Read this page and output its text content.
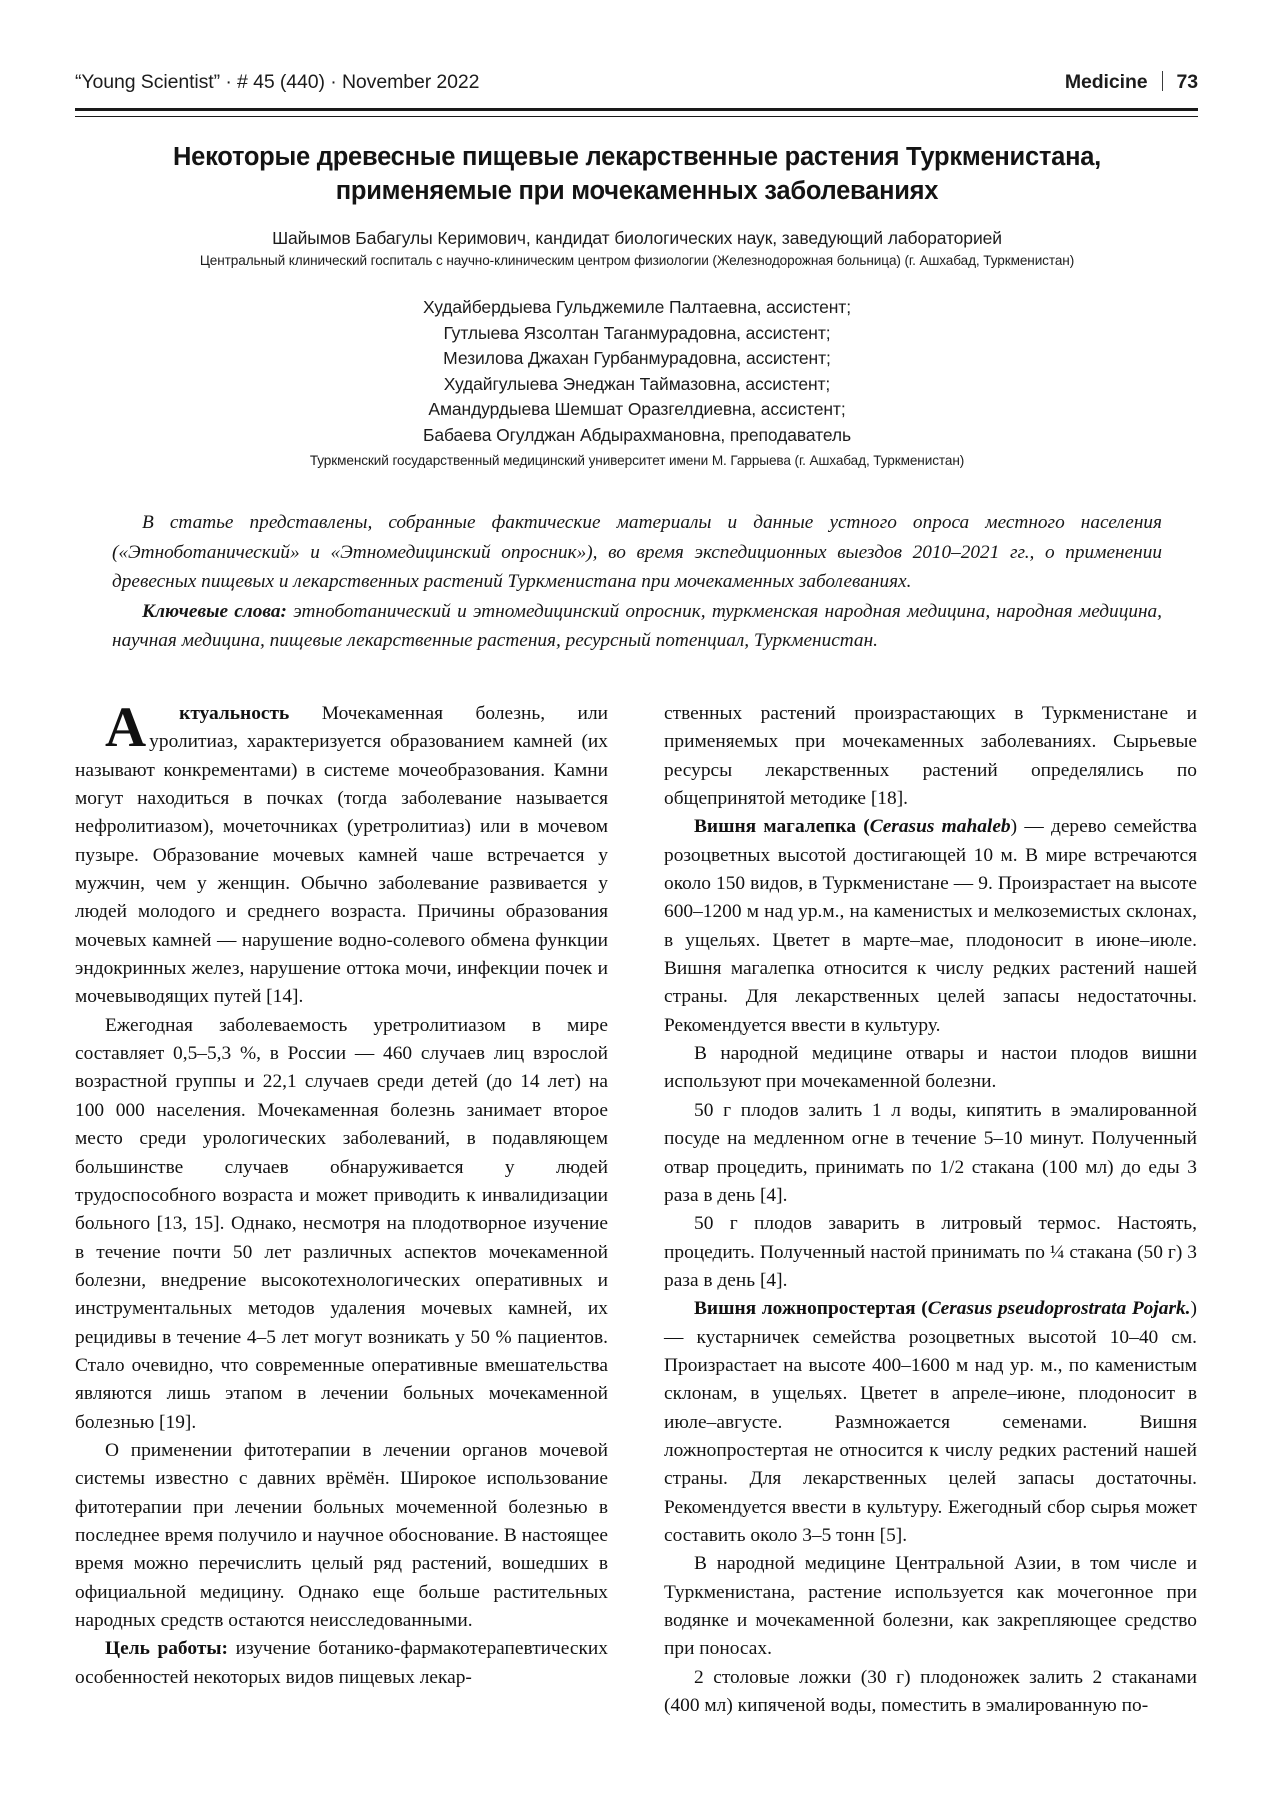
“Young Scientist” · # 45 (440) · November 2022	Medicine 73
Некоторые древесные пищевые лекарственные растения Туркменистана,
применяемые при мочекаменных заболеваниях
Шайымов Бабагулы Керимович, кандидат биологических наук, заведующий лабораторией
Центральный клинический госпиталь с научно-клиническим центром физиологии (Железнодорожная больница) (г. Ашхабад, Туркменистан)
Худайбердыева Гульджемиле Палтаевна, ассистент;
Гутлыева Язсолтан Таганмурадовна, ассистент;
Мезилова Джахан Гурбанмурадовна, ассистент;
Худайгулыева Энеджан Таймазовна, ассистент;
Амандурдыева Шемшат Оразгелдиевна, ассистент;
Бабаева Огулджан Абдырахмановна, преподаватель
Туркменский государственный медицинский университет имени М. Гаррыева (г. Ашхабад, Туркменистан)

В статье представлены, собранные фактические материалы и данные устного опроса местного населения («Этноботанический» и «Этномедицинский опросник»), во время экспедиционных выездов 2010–2021 гг., о применении древесных пищевых и лекарственных растений Туркменистана при мочекаменных заболеваниях.

Ключевые слова: этноботанический и этномедицинский опросник, туркменская народная медицина, народная медицина, научная медицина, пищевые лекарственные растения, ресурсный потенциал, Туркменистан.

А ктуальность Мочекаменная болезнь, или уролитиаз, характеризуется образованием камней (их называют конкрементами) в системе мочеобразования. Камни могут находиться в почках (тогда заболевание называется нефролитиазом), мочеточниках (уретролитиаз) или в мочевом пузыре. Образование мочевых камней чаше встречается у мужчин, чем у женщин. Обычно заболевание развивается у людей молодого и среднего возраста. Причины образования мочевых камней — нарушение водно-солевого обмена функции эндокринных желез, нарушение оттока мочи, инфекции почек и мочевыводящих путей [14].

Ежегодная заболеваемость уретролитиазом в мире составляет 0,5–5,3 %, в России — 460 случаев лиц взрослой возрастной группы и 22,1 случаев среди детей (до 14 лет) на 100 000 населения. Мочекаменная болезнь занимает второе место среди урологических заболеваний, в подавляющем большинстве случаев обнаруживается у людей трудоспособного возраста и может приводить к инвалидизации больного [13, 15]. Однако, несмотря на плодотворное изучение в течение почти 50 лет различных аспектов мочекаменной болезни, внедрение высокотехнологических оперативных и инструментальных методов удаления мочевых камней, их рецидивы в течение 4–5 лет могут возникать у 50 % пациентов. Стало очевидно, что современные оперативные вмешательства являются лишь этапом в лечении больных мочекаменной болезнью [19].

О применении фитотерапии в лечении органов мочевой системы известно с давних врёмён. Широкое использование фитотерапии при лечении больных мочеменной болезнью в последнее время получило и научное обоснование. В настоящее время можно перечислить целый ряд растений, вошедших в официальной медицину. Однако еще больше растительных народных средств остаются неисследованными.

Цель работы: изучение ботанико-фармакотерапевтических особенностей некоторых видов пищевых лекар-

ственных растений произрастающих в Туркменистане и применяемых при мочекаменных заболеваниях. Сырьевые ресурсы лекарственных растений определялись по общепринятой методике [18].

Вишня магалепка (Cerasus mahaleb) — дерево семейства розоцветных высотой достигающей 10 м. В мире встречаются около 150 видов, в Туркменистане — 9. Произрастает на высоте 600–1200 м над ур.м., на каменистых и мелкоземистых склонах, в ущельях. Цветет в марте–мае, плодоносит в июне–июле. Вишня магалепка относится к числу редких растений нашей страны. Для лекарственных целей запасы недостаточны. Рекомендуется ввести в культуру.

В народной медицине отвары и настои плодов вишни используют при мочекаменной болезни.

50 г плодов залить 1 л воды, кипятить в эмалированной посуде на медленном огне в течение 5–10 минут. Полученный отвар процедить, принимать по 1/2 стакана (100 мл) до еды 3 раза в день [4].

50 г плодов заварить в литровый термос. Настоять, процедить. Полученный настой принимать по ¼ стакана (50 г) 3 раза в день [4].

Вишня ложнопростертая (Cerasus pseudoprostrata Pojark.) — кустарничек семейства розоцветных высотой 10–40 см. Произрастает на высоте 400–1600 м над ур. м., по каменистым склонам, в ущельях. Цветет в апреле–июне, плодоносит в июле–августе. Размножается семенами. Вишня ложнопростертая не относится к числу редких растений нашей страны. Для лекарственных целей запасы достаточны. Рекомендуется ввести в культуру. Ежегодный сбор сырья может составить около 3–5 тонн [5].

В народной медицине Центральной Азии, в том числе и Туркменистана, растение используется как мочегонное при водянке и мочекаменной болезни, как закрепляющее средство при поносах.

2 столовые ложки (30 г) плодоножек залить 2 стаканами (400 мл) кипяченой воды, поместить в эмалированную по-
